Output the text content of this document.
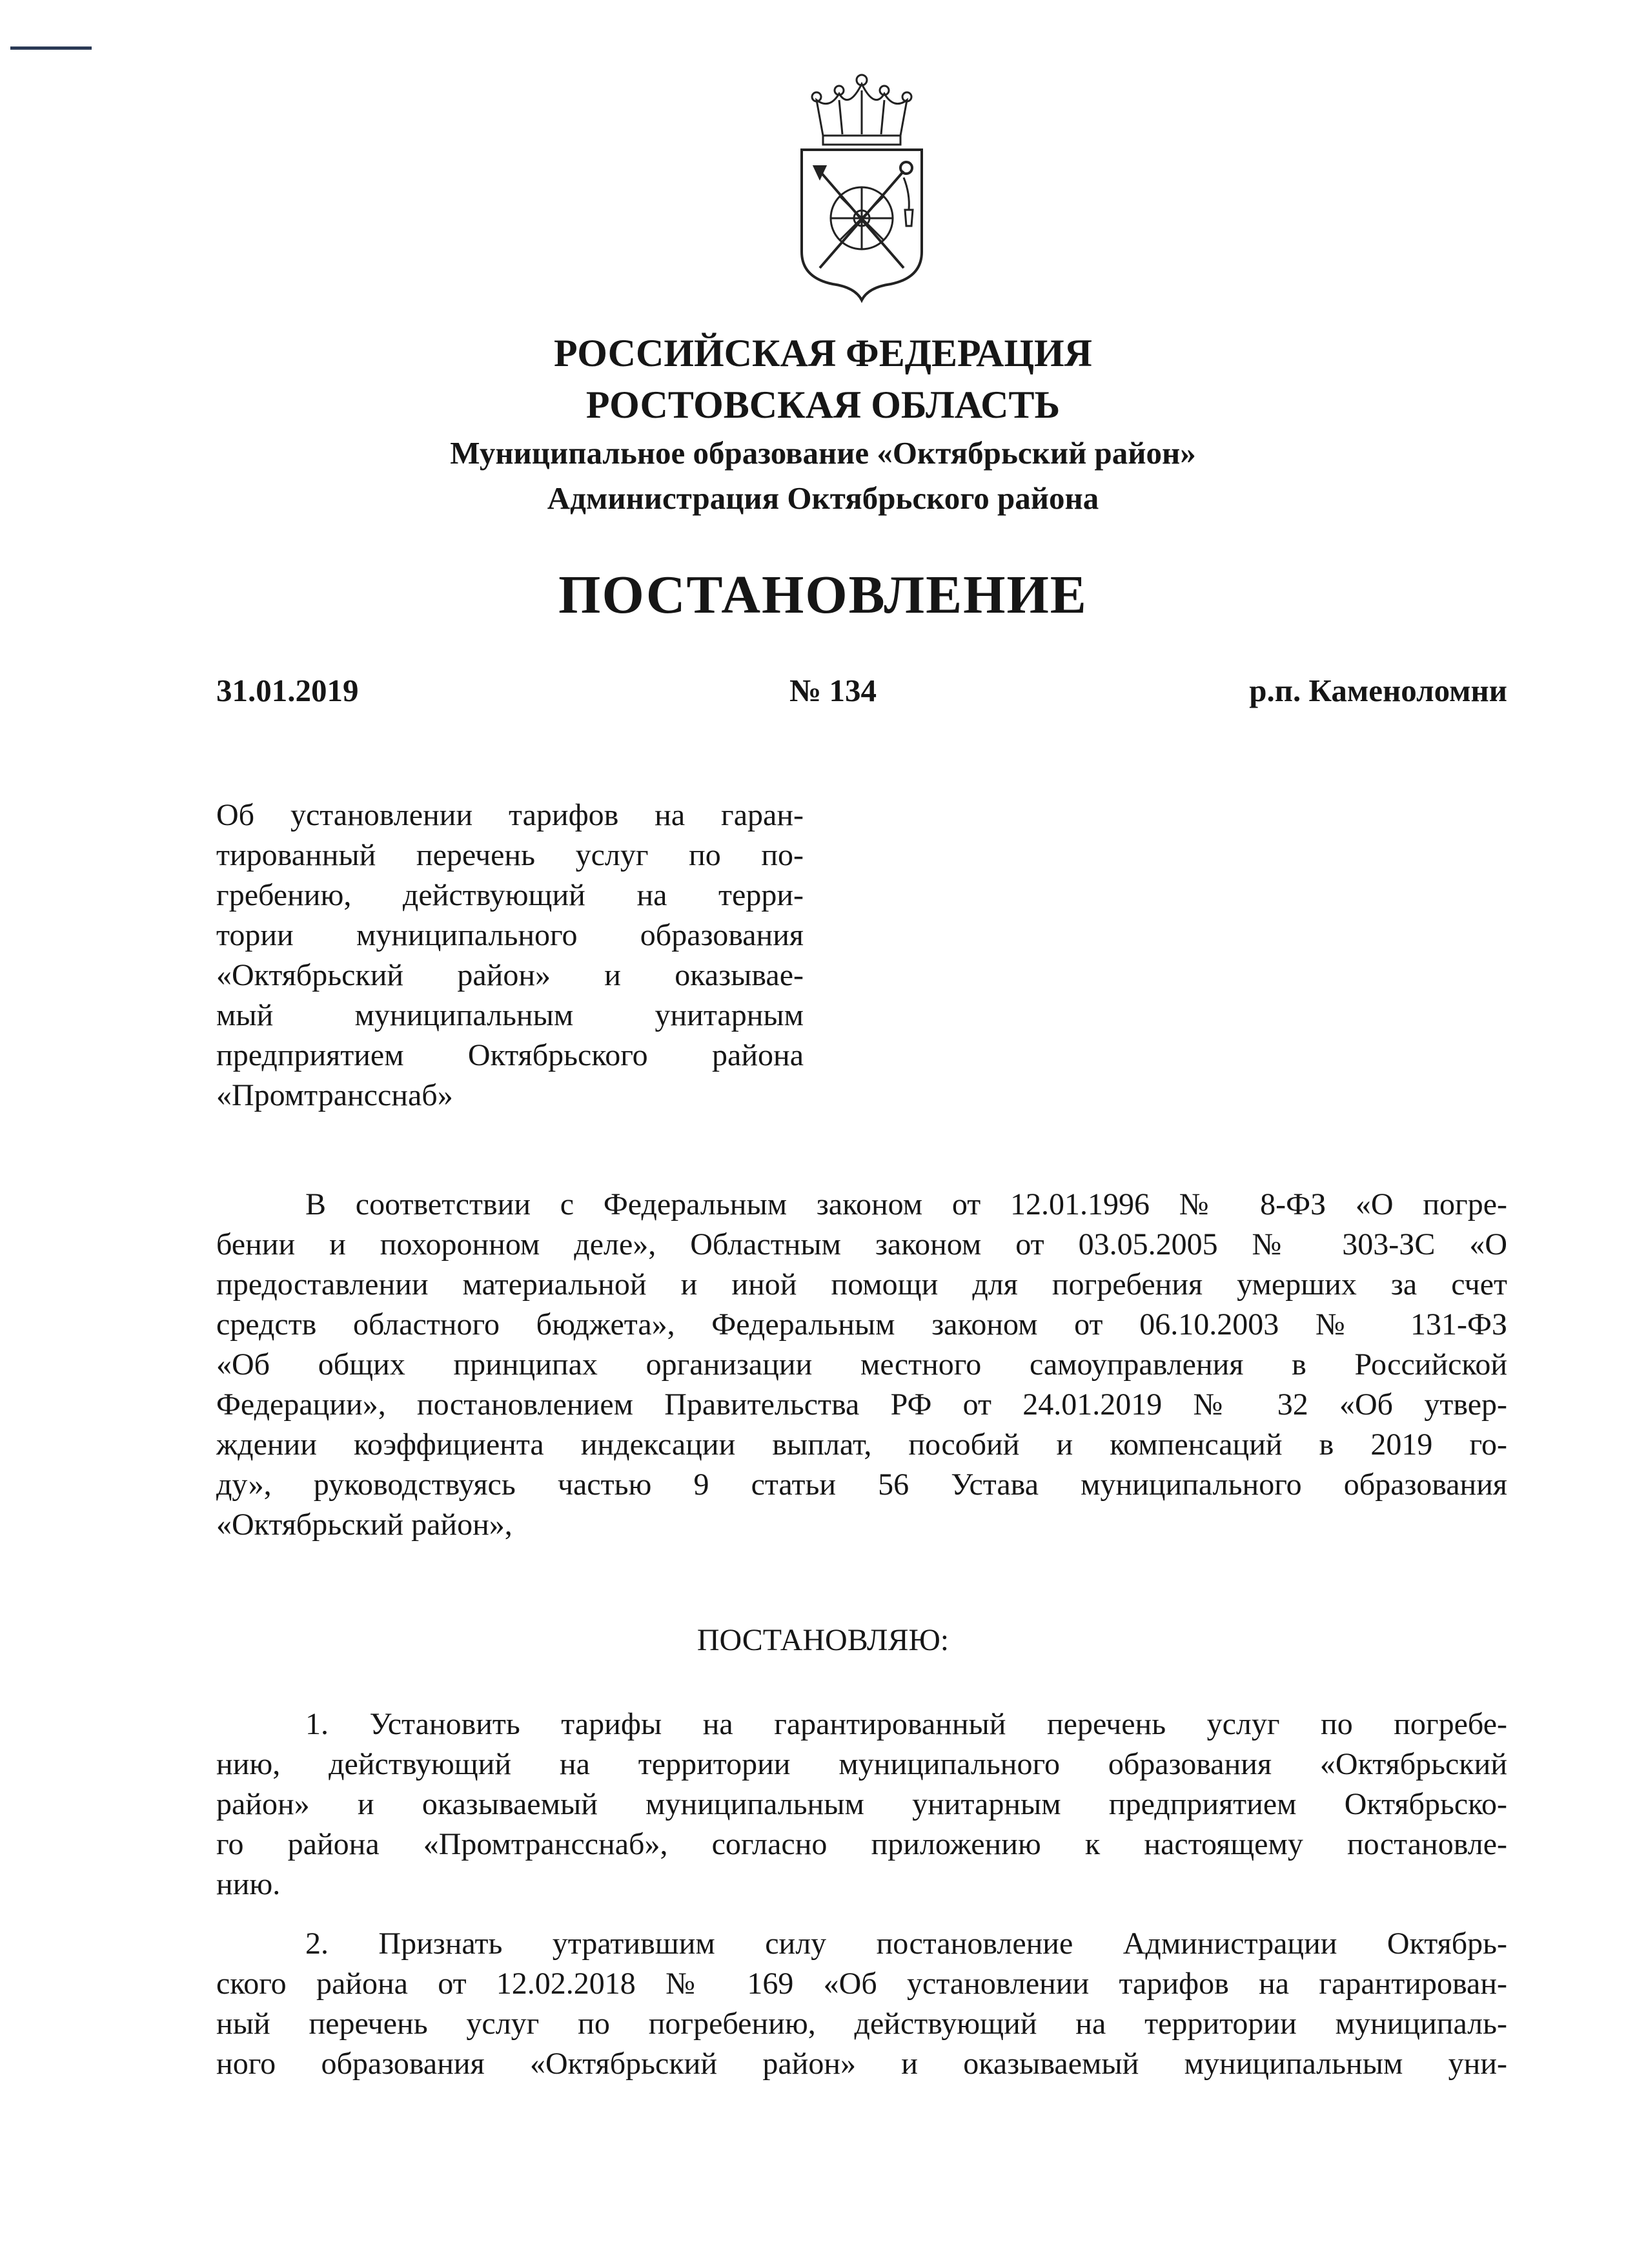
РОССИЙСКАЯ ФЕДЕРАЦИЯ
РОСТОВСКАЯ ОБЛАСТЬ
Муниципальное образование «Октябрьский район»
Администрация Октябрьского района
ПОСТАНОВЛЕНИЕ
31.01.2019	№ 134	р.п. Каменоломни
Об установлении тарифов на гаран-
тированный перечень услуг по по-
гребению, действующий на терри-
тории муниципального образования
«Октябрьский район» и оказывае-
мый муниципальным унитарным
предприятием Октябрьского района
«Промтранcснаб»
В соответствии с Федеральным законом от 12.01.1996 № 8-ФЗ «О погре-
бении и похоронном деле», Областным законом от 03.05.2005 № 303-ЗС «О
предоставлении материальной и иной помощи для погребения умерших за счет
средств областного бюджета», Федеральным законом от 06.10.2003 № 131-ФЗ
«Об общих принципах организации местного самоуправления в Российской
Федерации», постановлением Правительства РФ от 24.01.2019 № 32 «Об утвер-
ждении коэффициента индексации выплат, пособий и компенсаций в 2019 го-
ду», руководствуясь частью 9 статьи 56 Устава муниципального образования
«Октябрьский район»,
ПОСТАНОВЛЯЮ:
1. Установить тарифы на гарантированный перечень услуг по погребе-
нию, действующий на территории муниципального образования «Октябрьский
район» и оказываемый муниципальным унитарным предприятием Октябрьско-
го района «Промтрансснаб», согласно приложению к настоящему постановле-
нию.
2. Признать утратившим силу постановление Администрации Октябрь-
ского района от 12.02.2018 № 169 «Об установлении тарифов на гарантирован-
ный перечень услуг по погребению, действующий на территории муниципаль-
ного образования «Октябрьский район» и оказываемый муниципальным уни-
